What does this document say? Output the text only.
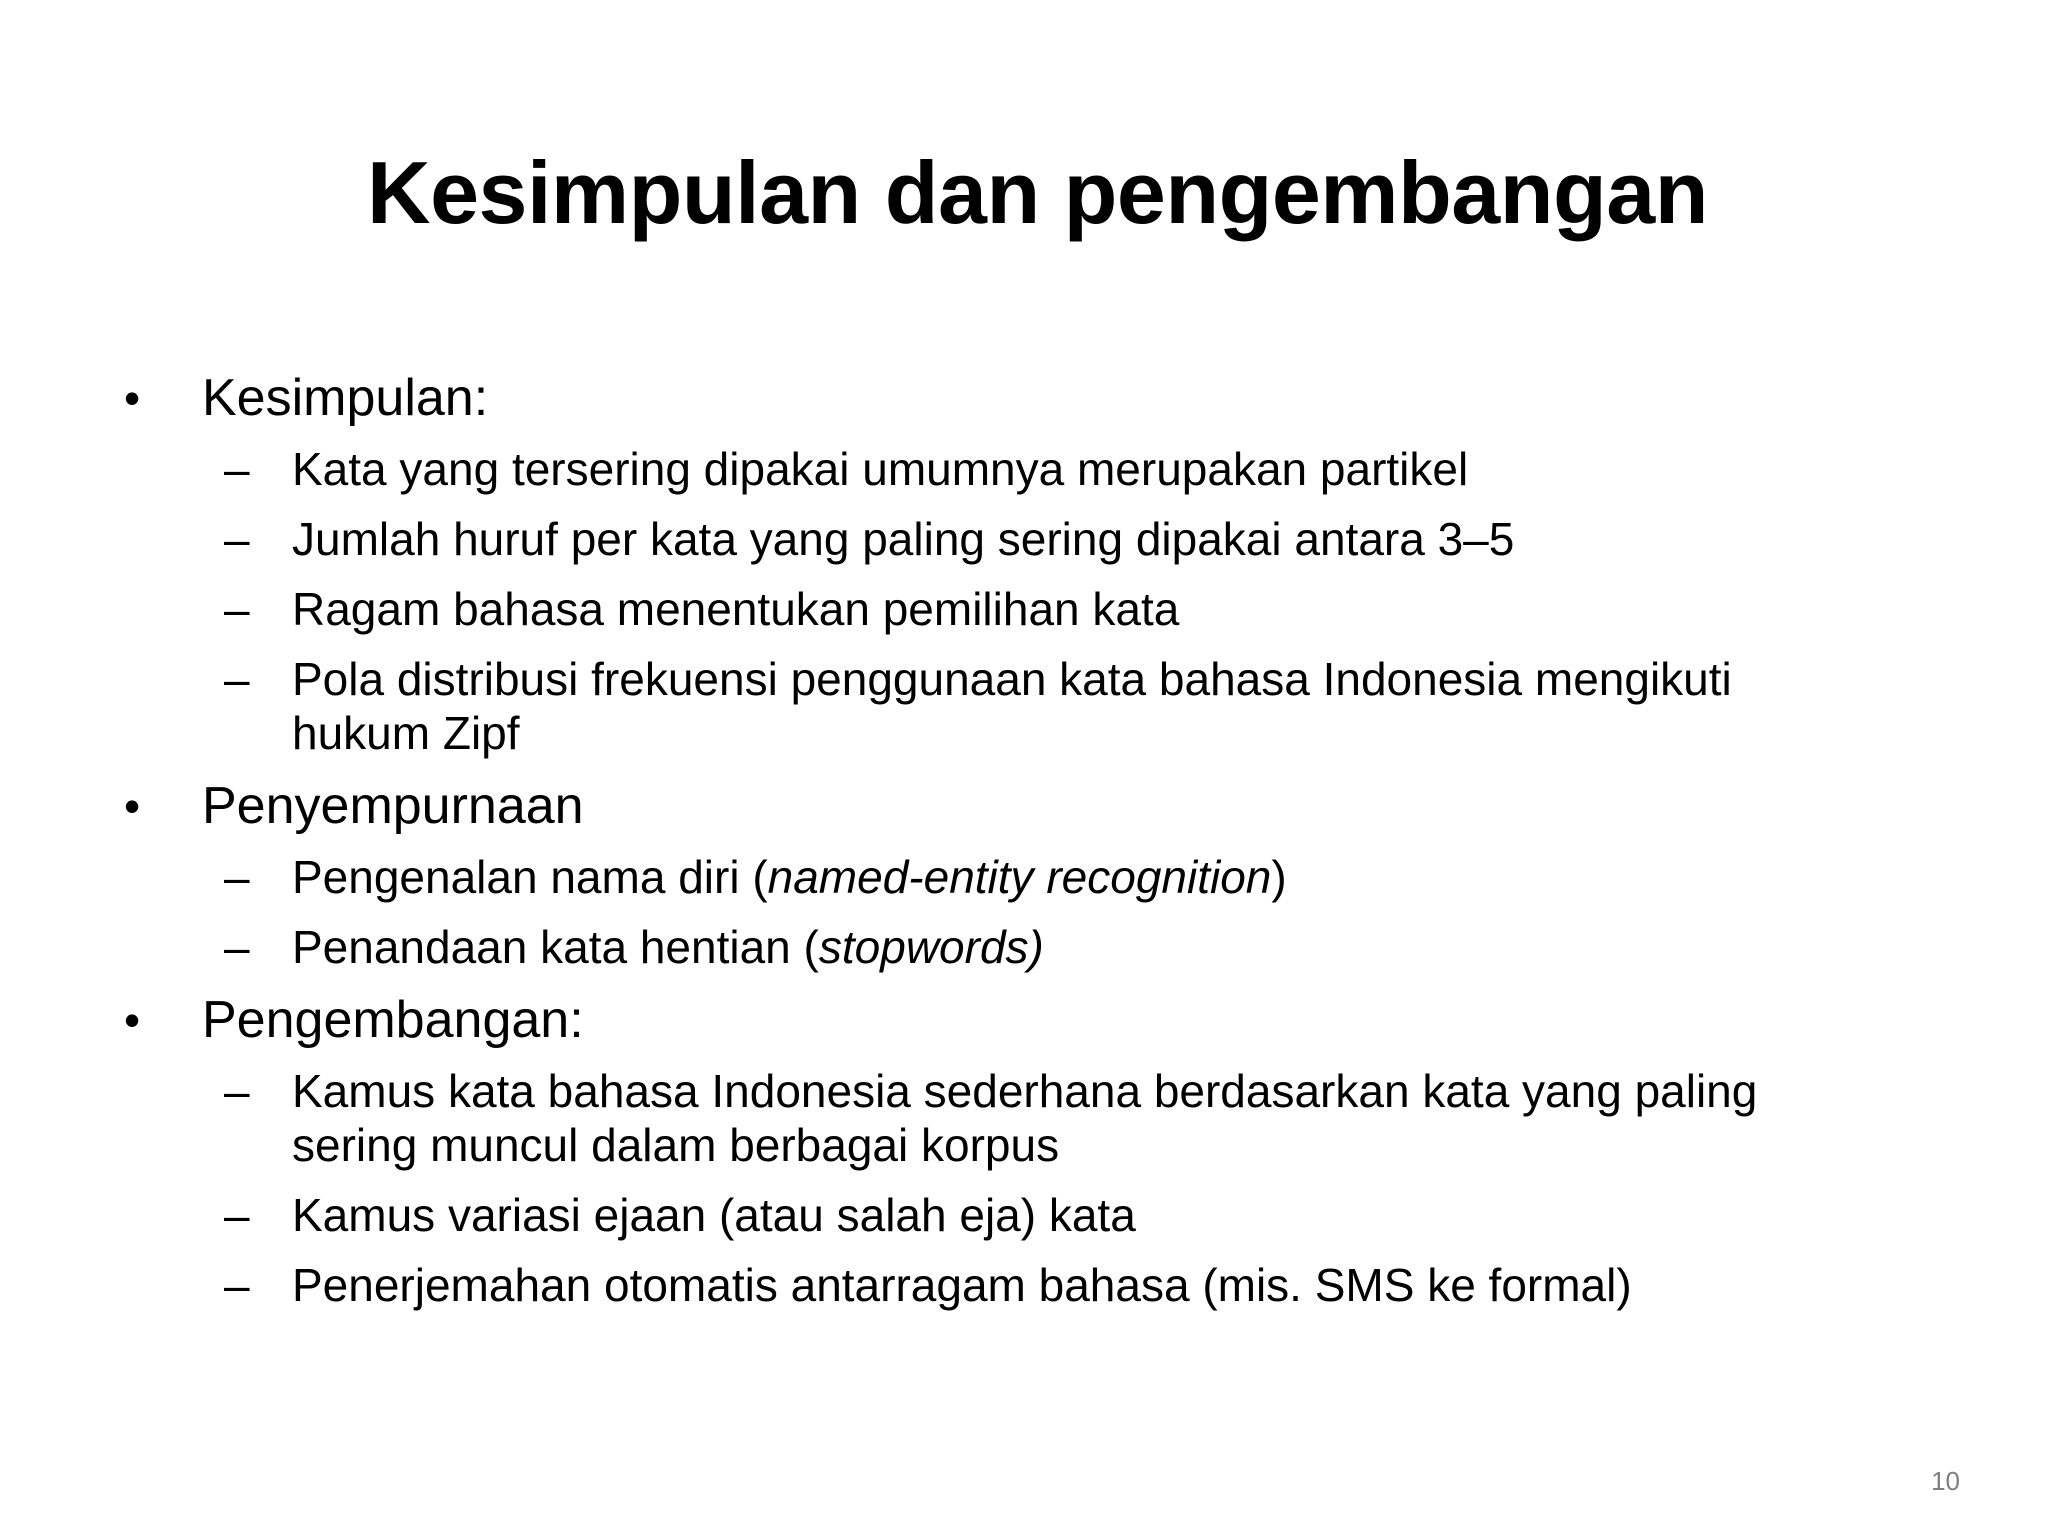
Kesimpulan dan pengembangan
• Kesimpulan:
– Kata yang tersering dipakai umumnya merupakan partikel
– Jumlah huruf per kata yang paling sering dipakai antara 3–5
– Ragam bahasa menentukan pemilihan kata
– Pola distribusi frekuensi penggunaan kata bahasa Indonesia mengikuti
hukum Zipf
• Penyempurnaan
– Pengenalan nama diri (named-entity recognition)
– Penandaan kata hentian (stopwords)
• Pengembangan:
– Kamus kata bahasa Indonesia sederhana berdasarkan kata yang paling
sering muncul dalam berbagai korpus
– Kamus variasi ejaan (atau salah eja) kata
– Penerjemahan otomatis antarragam bahasa (mis. SMS ke formal)
10
